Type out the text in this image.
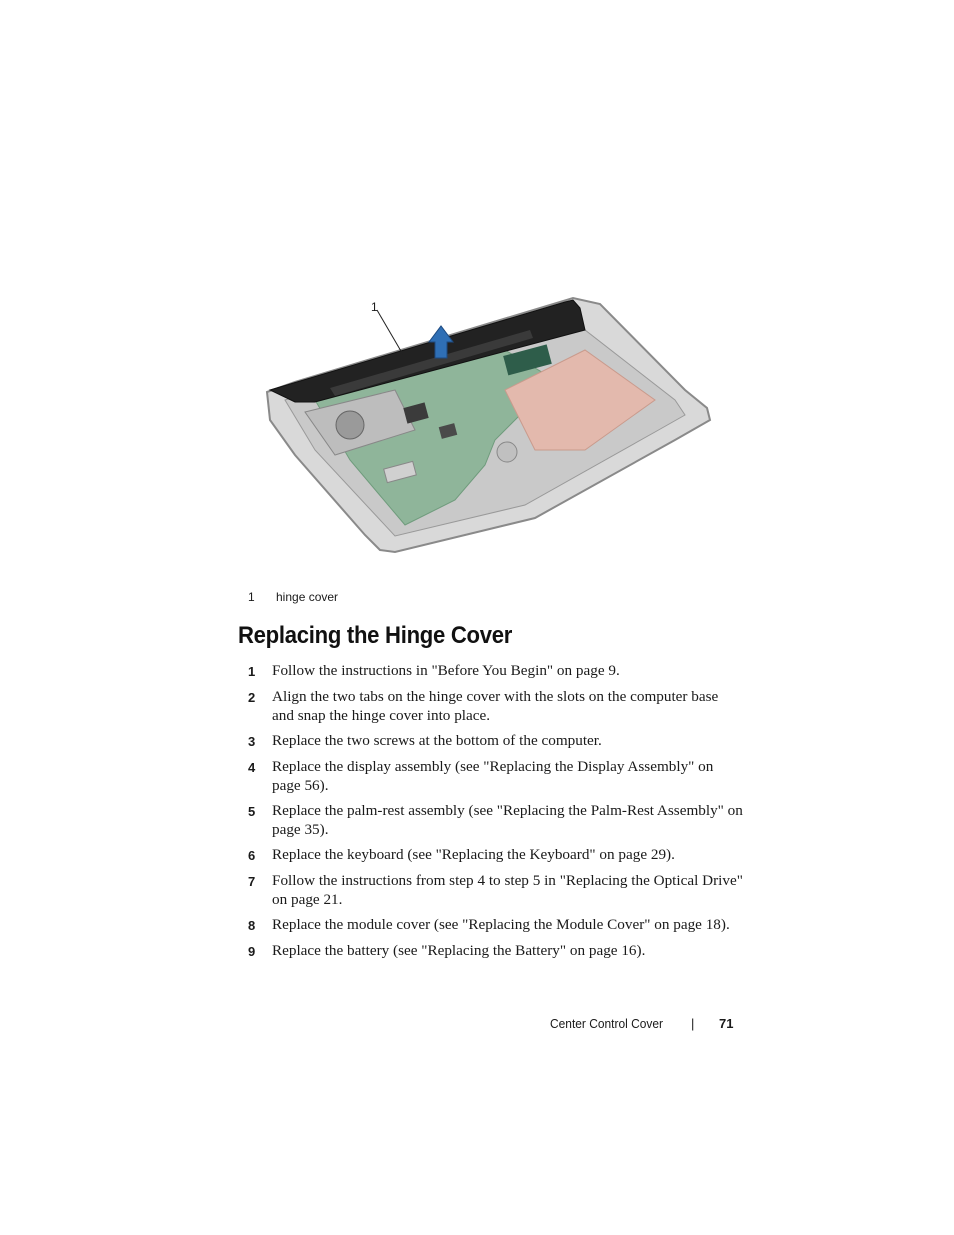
1
1 hinge cover
Replacing the Hinge Cover
1	Follow the instructions in "Before You Begin" on page 9.
2	Align the two tabs on the hinge cover with the slots on the computer base and snap the hinge cover into place.
3	Replace the two screws at the bottom of the computer.
4	Replace the display assembly (see "Replacing the Display Assembly" on page 56).
5	Replace the palm-rest assembly (see "Replacing the Palm-Rest Assembly" on page 35).
6	Replace the keyboard (see "Replacing the Keyboard" on page 29).
7	Follow the instructions from step 4 to step 5 in "Replacing the Optical Drive" on page 21.
8	Replace the module cover (see "Replacing the Module Cover" on page 18).
9	Replace the battery (see "Replacing the Battery" on page 16).
Center Control Cover | 71
